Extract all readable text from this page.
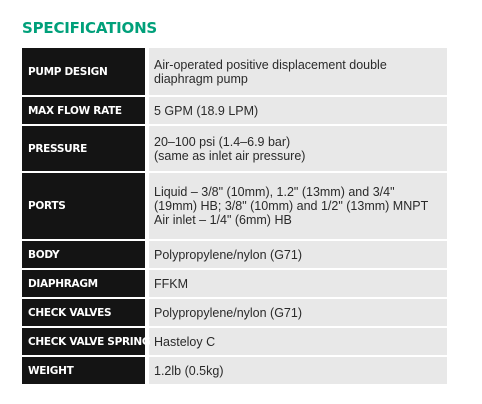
SPECIFICATIONS
PUMP DESIGN	Air-operated positive displacement double
diaphragm pump

MAX FLOW RATE	5 GPM (18.9 LPM)

PRESSURE	20–100 psi (1.4–6.9 bar)
(same as inlet air pressure)

PORTS	Liquid – 3/8" (10mm), 1.2" (13mm) and 3/4"
(19mm) HB; 3/8" (10mm) and 1/2" (13mm) MNPT
Air inlet – 1/4" (6mm) HB

BODY	Polypropylene/nylon (G71)

DIAPHRAGM	FFKM

CHECK VALVES	Polypropylene/nylon (G71)

CHECK VALVE SPRING	Hasteloy C

WEIGHT	1.2lb (0.5kg)
